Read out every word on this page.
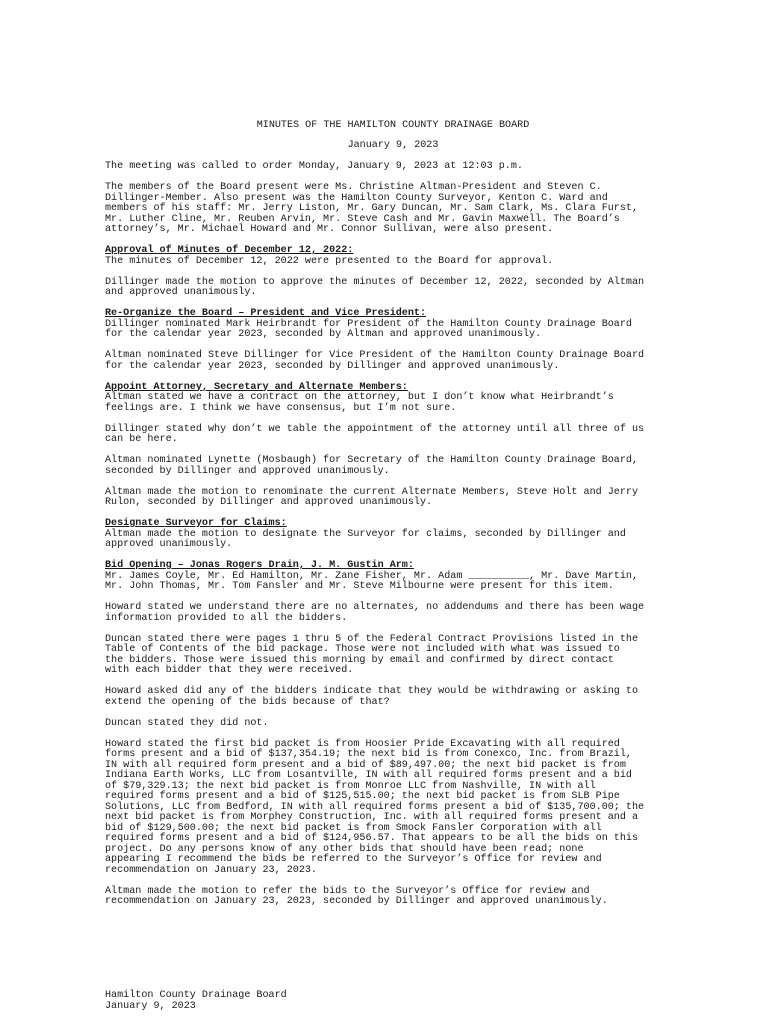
MINUTES OF THE HAMILTON COUNTY DRAINAGE BOARD
January 9, 2023

The meeting was called to order Monday, January 9, 2023 at 12:03 p.m.

The members of the Board present were Ms. Christine Altman-President and Steven C.
Dillinger-Member. Also present was the Hamilton County Surveyor, Kenton C. Ward and
members of his staff: Mr. Jerry Liston, Mr. Gary Duncan, Mr. Sam Clark, Ms. Clara Furst,
Mr. Luther Cline, Mr. Reuben Arvin, Mr. Steve Cash and Mr. Gavin Maxwell. The Board’s
attorney’s, Mr. Michael Howard and Mr. Connor Sullivan, were also present.

Approval of Minutes of December 12, 2022:

The minutes of December 12, 2022 were presented to the Board for approval.

Dillinger made the motion to approve the minutes of December 12, 2022, seconded by Altman
and approved unanimously.

Re-Organize the Board – President and Vice President:

Dillinger nominated Mark Heirbrandt for President of the Hamilton County Drainage Board
for the calendar year 2023, seconded by Altman and approved unanimously.

Altman nominated Steve Dillinger for Vice President of the Hamilton County Drainage Board
for the calendar year 2023, seconded by Dillinger and approved unanimously.

Appoint Attorney, Secretary and Alternate Members:

Altman stated we have a contract on the attorney, but I don’t know what Heirbrandt’s
feelings are. I think we have consensus, but I’m not sure.

Dillinger stated why don’t we table the appointment of the attorney until all three of us
can be here.

Altman nominated Lynette (Mosbaugh) for Secretary of the Hamilton County Drainage Board,
seconded by Dillinger and approved unanimously.

Altman made the motion to renominate the current Alternate Members, Steve Holt and Jerry
Rulon, seconded by Dillinger and approved unanimously.

Designate Surveyor for Claims:

Altman made the motion to designate the Surveyor for claims, seconded by Dillinger and
approved unanimously.

Bid Opening – Jonas Rogers Drain, J. M. Gustin Arm:

Mr. James Coyle, Mr. Ed Hamilton, Mr. Zane Fisher, Mr. Adam __________, Mr. Dave Martin,
Mr. John Thomas, Mr. Tom Fansler and Mr. Steve Milbourne were present for this item.

Howard stated we understand there are no alternates, no addendums and there has been wage
information provided to all the bidders.

Duncan stated there were pages 1 thru 5 of the Federal Contract Provisions listed in the
Table of Contents of the bid package. Those were not included with what was issued to
the bidders. Those were issued this morning by email and confirmed by direct contact
with each bidder that they were received.

Howard asked did any of the bidders indicate that they would be withdrawing or asking to
extend the opening of the bids because of that?

Duncan stated they did not.

Howard stated the first bid packet is from Hoosier Pride Excavating with all required
forms present and a bid of $137,354.19; the next bid is from Conexco, Inc. from Brazil,
IN with all required form present and a bid of $89,497.00; the next bid packet is from
Indiana Earth Works, LLC from Losantville, IN with all required forms present and a bid
of $79,329.13; the next bid packet is from Monroe LLC from Nashville, IN with all
required forms present and a bid of $125,515.00; the next bid packet is from SLB Pipe
Solutions, LLC from Bedford, IN with all required forms present a bid of $135,700.00; the
next bid packet is from Morphey Construction, Inc. with all required forms present and a
bid of $129,500.00; the next bid packet is from Smock Fansler Corporation with all
required forms present and a bid of $124,956.57. That appears to be all the bids on this
project. Do any persons know of any other bids that should have been read; none
appearing I recommend the bids be referred to the Surveyor’s Office for review and
recommendation on January 23, 2023.

Altman made the motion to refer the bids to the Surveyor’s Office for review and
recommendation on January 23, 2023, seconded by Dillinger and approved unanimously.

Hamilton County Drainage Board
January 9, 2023
